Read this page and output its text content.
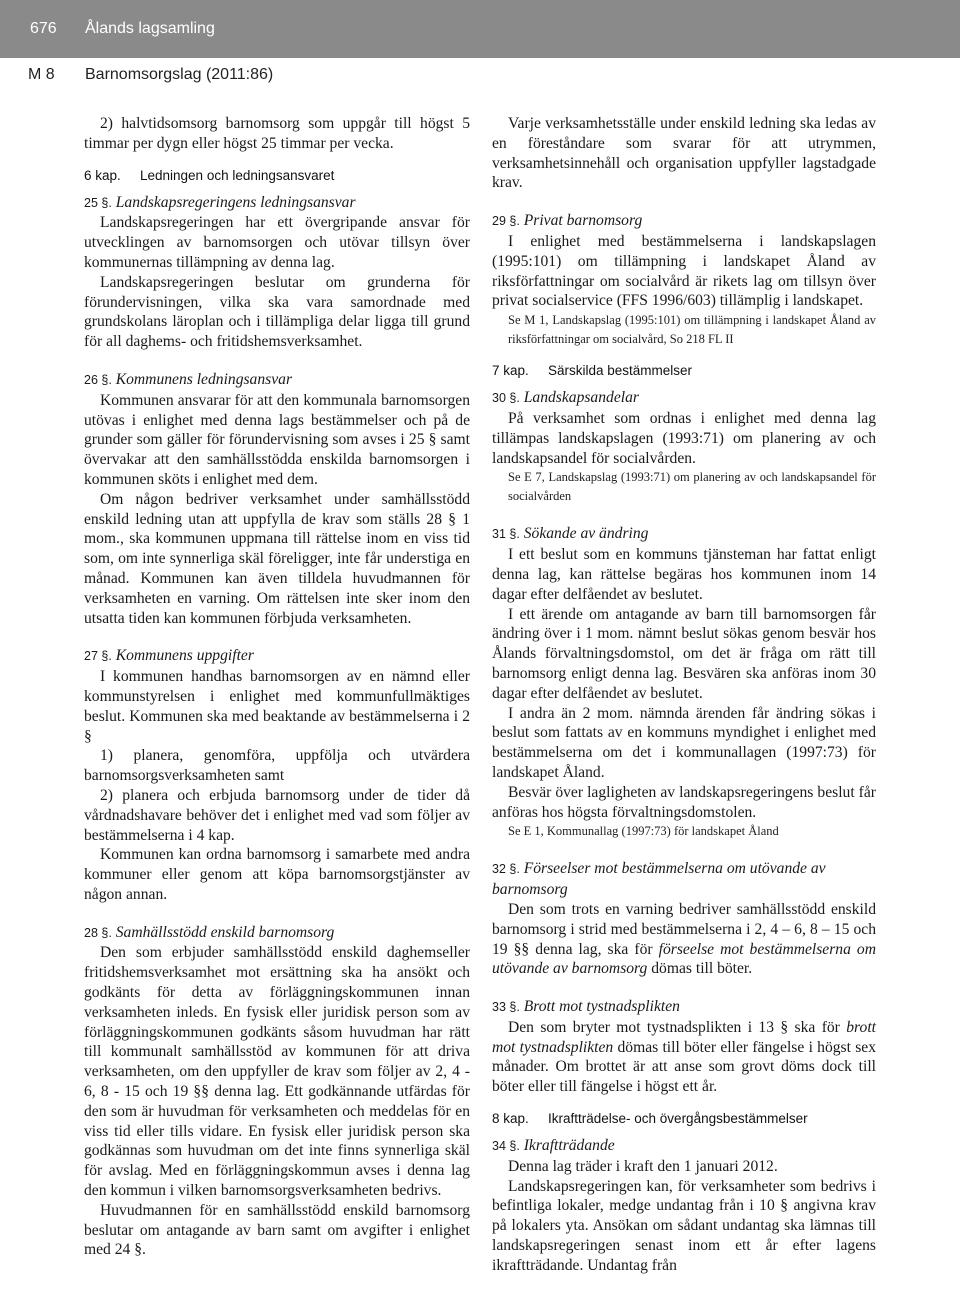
676 Ålands lagsamling
M 8 Barnomsorgslag (2011:86)
2) halvtidsomsorg barnomsorg som uppgår till högst 5 timmar per dygn eller högst 25 timmar per vecka.
6 kap. Ledningen och ledningsansvaret
25 §. Landskapsregeringens ledningsansvar
Landskapsregeringen har ett övergripande ansvar för utvecklingen av barnomsorgen och utövar tillsyn över kommunernas tillämpning av denna lag.
Landskapsregeringen beslutar om grunderna för förundervisningen, vilka ska vara samordnade med grundskolans läroplan och i tillämpliga delar ligga till grund för all daghems- och fritidshemsverksamhet.
26 §. Kommunens ledningsansvar
Kommunen ansvarar för att den kommunala barnomsorgen utövas i enlighet med denna lags bestämmelser och på de grunder som gäller för förundervisning som avses i 25 § samt övervakar att den samhällsstödda enskilda barnomsorgen i kommunen sköts i enlighet med dem.
Om någon bedriver verksamhet under samhällsstödd enskild ledning utan att uppfylla de krav som ställs 28 § 1 mom., ska kommunen uppmana till rättelse inom en viss tid som, om inte synnerliga skäl föreligger, inte får understiga en månad. Kommunen kan även tilldela huvudmannen för verksamheten en varning. Om rättelsen inte sker inom den utsatta tiden kan kommunen förbjuda verksamheten.
27 §. Kommunens uppgifter
I kommunen handhas barnomsorgen av en nämnd eller kommunstyrelsen i enlighet med kommunfullmäktiges beslut. Kommunen ska med beaktande av bestämmelserna i 2 §
1) planera, genomföra, uppfölja och utvärdera barnomsorgsverksamheten samt
2) planera och erbjuda barnomsorg under de tider då vårdnadshavare behöver det i enlighet med vad som följer av bestämmelserna i 4 kap.
Kommunen kan ordna barnomsorg i samarbete med andra kommuner eller genom att köpa barnomsorgstjänster av någon annan.
28 §. Samhällsstödd enskild barnomsorg
Den som erbjuder samhällsstödd enskild daghemseller fritidshemsverksamhet mot ersättning ska ha ansökt och godkänts för detta av förläggningskommunen innan verksamheten inleds. En fysisk eller juridisk person som av förläggningskommunen godkänts såsom huvudman har rätt till kommunalt samhällsstöd av kommunen för att driva verksamheten, om den uppfyller de krav som följer av 2, 4 - 6, 8 - 15 och 19 §§ denna lag. Ett godkännande utfärdas för den som är huvudman för verksamheten och meddelas för en viss tid eller tills vidare. En fysisk eller juridisk person ska godkännas som huvudman om det inte finns synnerliga skäl för avslag. Med en förläggningskommun avses i denna lag den kommun i vilken barnomsorgsverksamheten bedrivs.
Huvudmannen för en samhällsstödd enskild barnomsorg beslutar om antagande av barn samt om avgifter i enlighet med 24 §.
Varje verksamhetsställe under enskild ledning ska ledas av en föreståndare som svarar för att utrymmen, verksamhetsinnehåll och organisation uppfyller lagstadgade krav.
29 §. Privat barnomsorg
I enlighet med bestämmelserna i landskapslagen (1995:101) om tillämpning i landskapet Åland av riksförfattningar om socialvård är rikets lag om tillsyn över privat socialservice (FFS 1996/603) tillämplig i landskapet.
Se M 1, Landskapslag (1995:101) om tillämpning i landskapet Åland av riksförfattningar om socialvård, So 218 FL II
7 kap. Särskilda bestämmelser
30 §. Landskapsandelar
På verksamhet som ordnas i enlighet med denna lag tillämpas landskapslagen (1993:71) om planering av och landskapsandel för socialvården.
Se E 7, Landskapslag (1993:71) om planering av och landskapsandel för socialvården
31 §. Sökande av ändring
I ett beslut som en kommuns tjänsteman har fattat enligt denna lag, kan rättelse begäras hos kommunen inom 14 dagar efter delfåendet av beslutet.
I ett ärende om antagande av barn till barnomsorgen får ändring över i 1 mom. nämnt beslut sökas genom besvär hos Ålands förvaltningsdomstol, om det är fråga om rätt till barnomsorg enligt denna lag. Besvären ska anföras inom 30 dagar efter delfåendet av beslutet.
I andra än 2 mom. nämnda ärenden får ändring sökas i beslut som fattats av en kommuns myndighet i enlighet med bestämmelserna om det i kommunallagen (1997:73) för landskapet Åland.
Besvär över lagligheten av landskapsregeringens beslut får anföras hos högsta förvaltningsdomstolen.
Se E 1, Kommunallag (1997:73) för landskapet Åland
32 §. Förseelser mot bestämmelserna om utövande av barnomsorg
Den som trots en varning bedriver samhällsstödd enskild barnomsorg i strid med bestämmelserna i 2, 4 – 6, 8 – 15 och 19 §§ denna lag, ska för förseelse mot bestämmelserna om utövande av barnomsorg dömas till böter.
33 §. Brott mot tystnadsplikten
Den som bryter mot tystnadsplikten i 13 § ska för brott mot tystnadsplikten dömas till böter eller fängelse i högst sex månader. Om brottet är att anse som grovt döms dock till böter eller till fängelse i högst ett år.
8 kap. Ikraftträdelse- och övergångsbestämmelser
34 §. Ikraftträdande
Denna lag träder i kraft den 1 januari 2012.
Landskapsregeringen kan, för verksamheter som bedrivs i befintliga lokaler, medge undantag från i 10 § angivna krav på lokalers yta. Ansökan om sådant undantag ska lämnas till landskapsregeringen senast inom ett år efter lagens ikraftträdande. Undantag från
